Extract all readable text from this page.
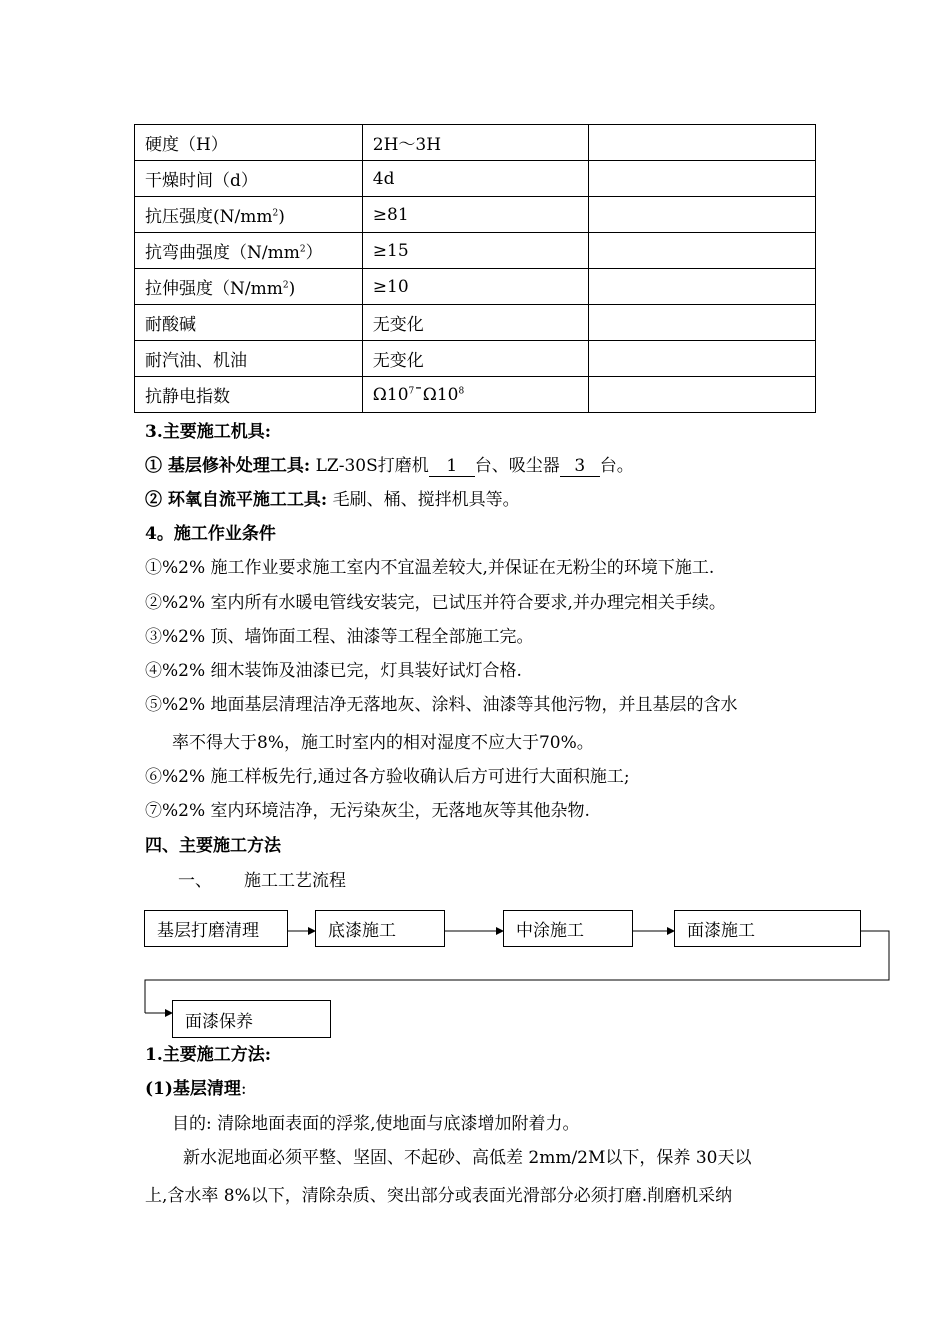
硬度（H）	2H～3H	
干燥时间（d）	4d	
抗压强度$(N/mm^2)$	≥81	
抗弯曲强度$(N/mm^2)$	≥15	
拉伸强度$(N/mm^2)$	≥10	
耐酸碱	无变化	
耐汽油、机油	无变化	
抗静电指数	$\Omega 10^7¯\Omega 10^8$	
3.主要施工机具:
① 基层修补处理工具: LZ-30S打磨机 1 台、吸尘器 3 台。
② 环氧自流平施工工具: 毛刷、桶、搅拌机具等。
4。施工作业条件
①%2% 施工作业要求施工室内不宜温差较大,并保证在无粉尘的环境下施工.
②%2% 室内所有水暖电管线安装完，已试压并符合要求,并办理完相关手续。
③%2% 顶、墙饰面工程、油漆等工程全部施工完。
④%2% 细木装饰及油漆已完，灯具装好试灯合格.
⑤%2% 地面基层清理洁净无落地灰、涂料、油漆等其他污物，并且基层的含水
率不得大于8%，施工时室内的相对湿度不应大于70%。
⑥%2% 施工样板先行,通过各方验收确认后方可进行大面积施工;
⑦%2% 室内环境洁净，无污染灰尘，无落地灰等其他杂物.
四、主要施工方法
一、 施工工艺流程
基层打磨清理	底漆施工	中涂施工	面漆施工
面漆保养
1.主要施工方法:
(1)基层清理:
目的: 清除地面表面的浮浆,使地面与底漆增加附着力。
新水泥地面必须平整、坚固、不起砂、高低差 2mm/2M以下，保养 30天以
上,含水率 8%以下，清除杂质、突出部分或表面光滑部分必须打磨.削磨机采纳
